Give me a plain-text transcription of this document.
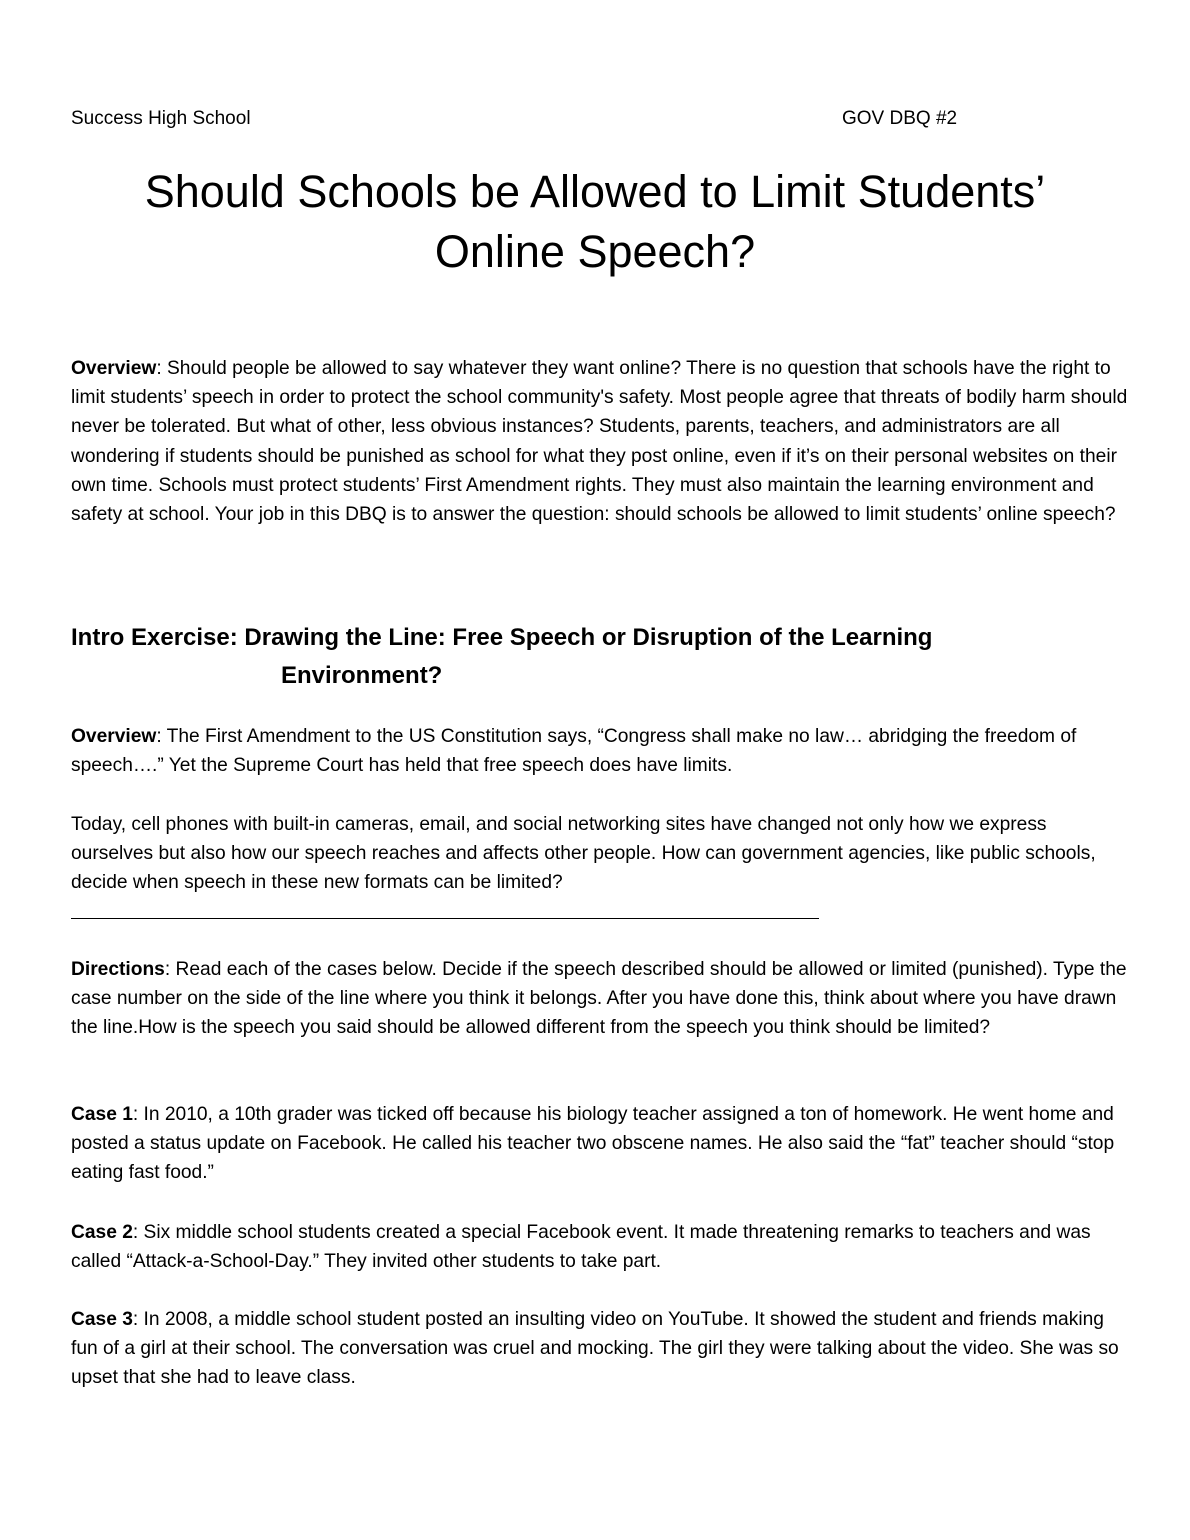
Success High School	GOV DBQ #2
Should Schools be Allowed to Limit Students’
Online Speech?

Overview: Should people be allowed to say whatever they want online? There is no question that schools have the right to limit students’ speech in order to protect the school community's safety. Most people agree that threats of bodily harm should never be tolerated. But what of other, less obvious instances? Students, parents, teachers, and administrators are all wondering if students should be punished as school for what they post online, even if it’s on their personal websites on their own time. Schools must protect students’ First Amendment rights. They must also maintain the learning environment and safety at school. Your job in this DBQ is to answer the question: should schools be allowed to limit students’ online speech?

Intro Exercise: Drawing the Line: Free Speech or Disruption of the Learning
Environment?

Overview: The First Amendment to the US Constitution says, “Congress shall make no law… abridging the freedom of speech….” Yet the Supreme Court has held that free speech does have limits.

Today, cell phones with built-in cameras, email, and social networking sites have changed not only how we express ourselves but also how our speech reaches and affects other people. How can government agencies, like public schools, decide when speech in these new formats can be limited?

Directions: Read each of the cases below. Decide if the speech described should be allowed or limited (punished). Type the case number on the side of the line where you think it belongs. After you have done this, think about where you have drawn the line.How is the speech you said should be allowed different from the speech you think should be limited?

Case 1: In 2010, a 10th grader was ticked off because his biology teacher assigned a ton of homework. He went home and posted a status update on Facebook. He called his teacher two obscene names. He also said the “fat” teacher should “stop eating fast food.”

Case 2: Six middle school students created a special Facebook event. It made threatening remarks to teachers and was called “Attack-a-School-Day.” They invited other students to take part.

Case 3: In 2008, a middle school student posted an insulting video on YouTube. It showed the student and friends making fun of a girl at their school. The conversation was cruel and mocking. The girl they were talking about the video. She was so upset that she had to leave class.
